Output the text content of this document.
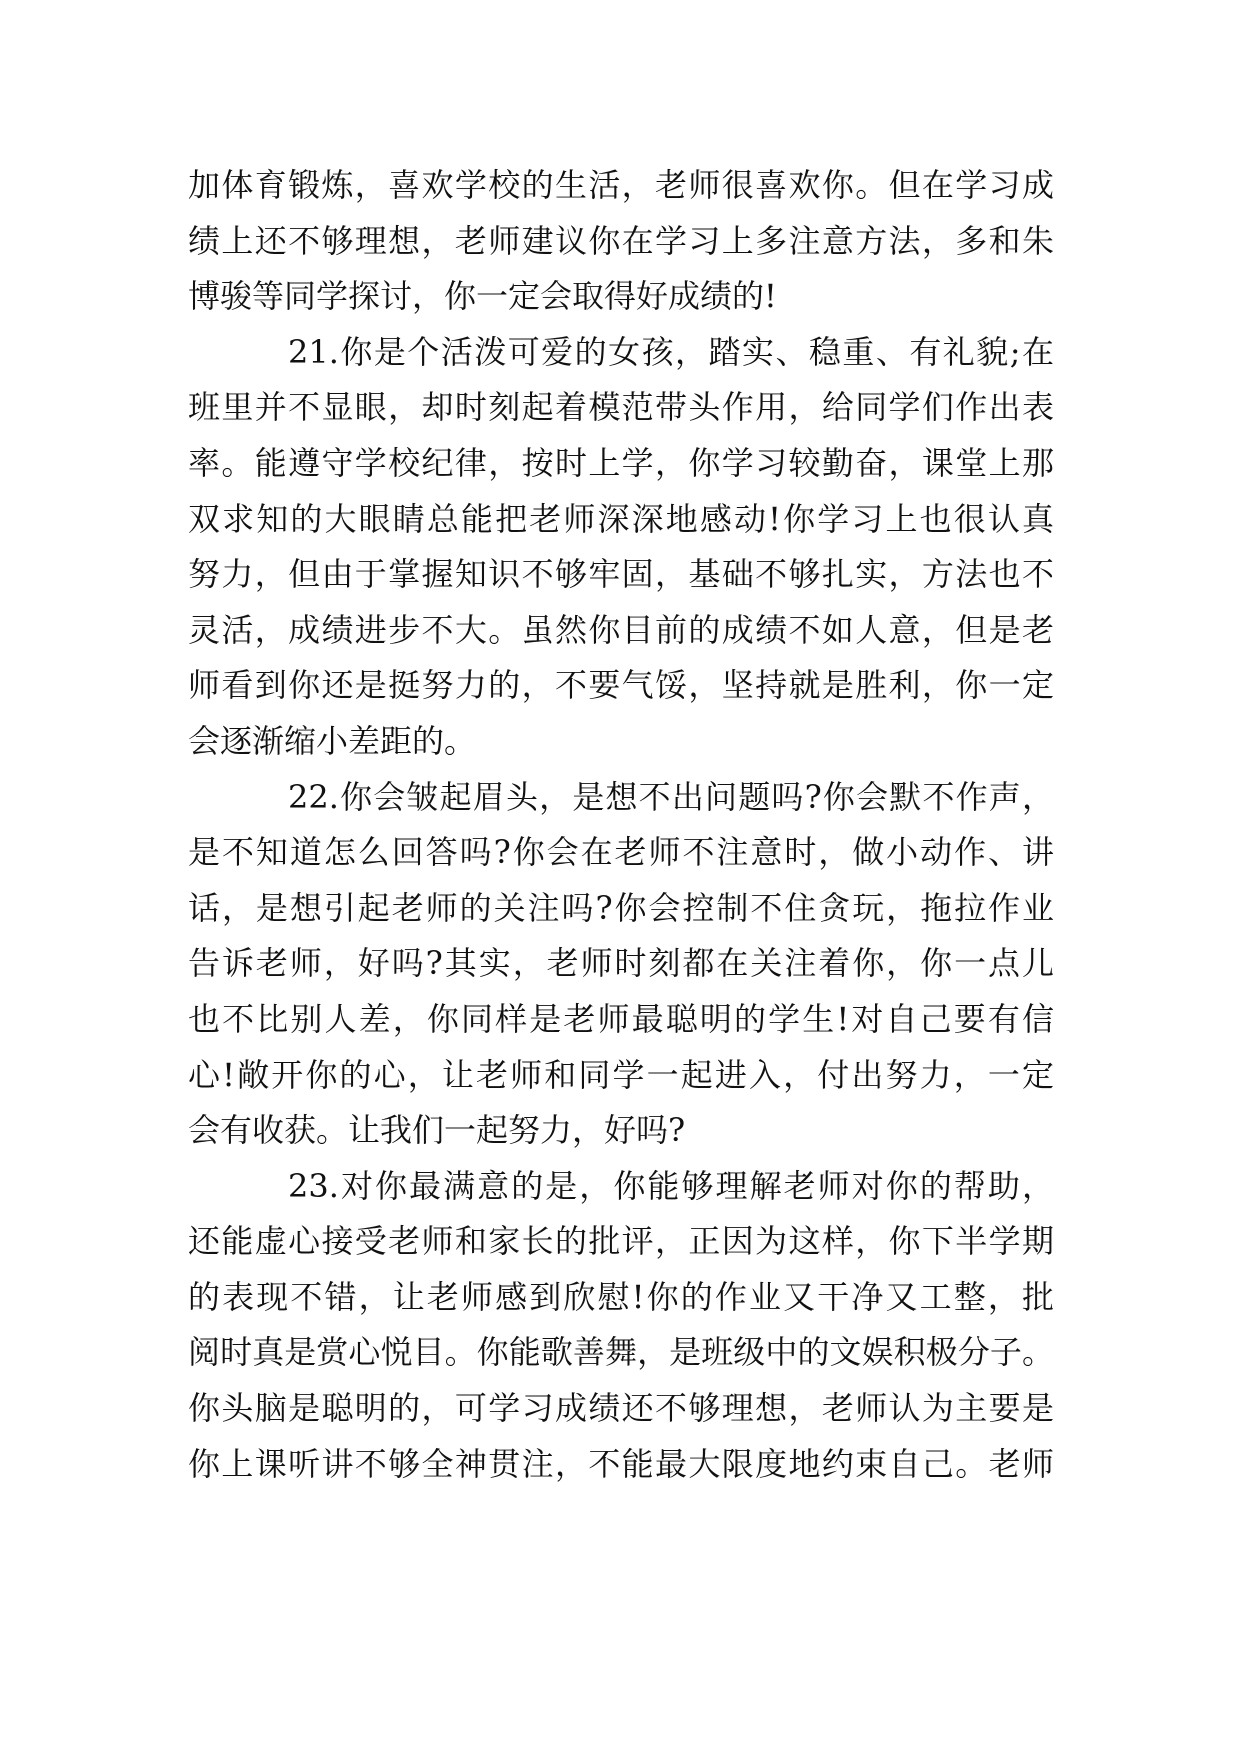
加体育锻炼，喜欢学校的生活，老师很喜欢你。但在学习成
绩上还不够理想，老师建议你在学习上多注意方法，多和朱
博骏等同学探讨，你一定会取得好成绩的!
21.你是个活泼可爱的女孩，踏实、稳重、有礼貌;在
班里并不显眼，却时刻起着模范带头作用，给同学们作出表
率。能遵守学校纪律，按时上学，你学习较勤奋，课堂上那
双求知的大眼睛总能把老师深深地感动!你学习上也很认真
努力，但由于掌握知识不够牢固，基础不够扎实，方法也不
灵活，成绩进步不大。虽然你目前的成绩不如人意，但是老
师看到你还是挺努力的，不要气馁，坚持就是胜利，你一定
会逐渐缩小差距的。
22.你会皱起眉头，是想不出问题吗?你会默不作声，
是不知道怎么回答吗?你会在老师不注意时，做小动作、讲
话，是想引起老师的关注吗?你会控制不住贪玩，拖拉作业
告诉老师，好吗?其实，老师时刻都在关注着你，你一点儿
也不比别人差，你同样是老师最聪明的学生!对自己要有信
心!敞开你的心，让老师和同学一起进入，付出努力，一定
会有收获。让我们一起努力，好吗?
23.对你最满意的是，你能够理解老师对你的帮助，
还能虚心接受老师和家长的批评，正因为这样，你下半学期
的表现不错，让老师感到欣慰!你的作业又干净又工整，批
阅时真是赏心悦目。你能歌善舞，是班级中的文娱积极分子。
你头脑是聪明的，可学习成绩还不够理想，老师认为主要是
你上课听讲不够全神贯注，不能最大限度地约束自己。老师
